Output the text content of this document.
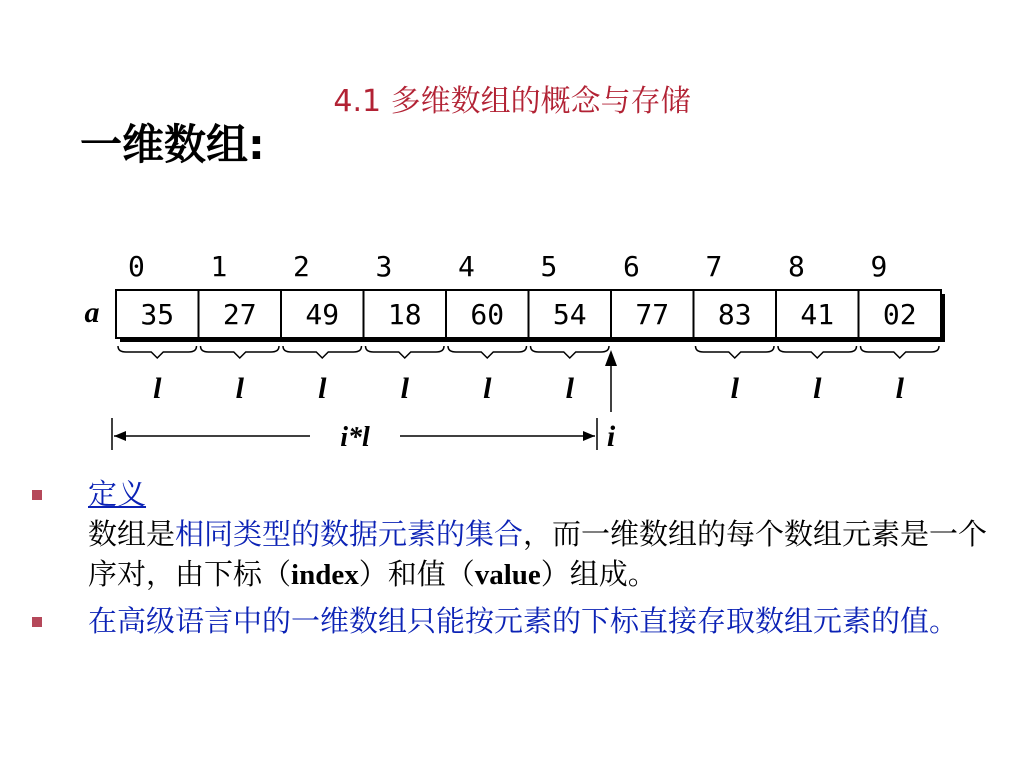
4.1 多维数组的概念与存储
一维数组:
0 1 2 3 4 5 6 7 8 9
a 35 27 49 18 60 54 77 83 41 02
l l l l l l	l l l
i
i*l
定义
数组是相同类型的数据元素的集合，而一维数组的每个数组元素是一个序对，由下标（index）和值（value）组成。
在高级语言中的一维数组只能按元素的下标直接存取数组元素的值。
